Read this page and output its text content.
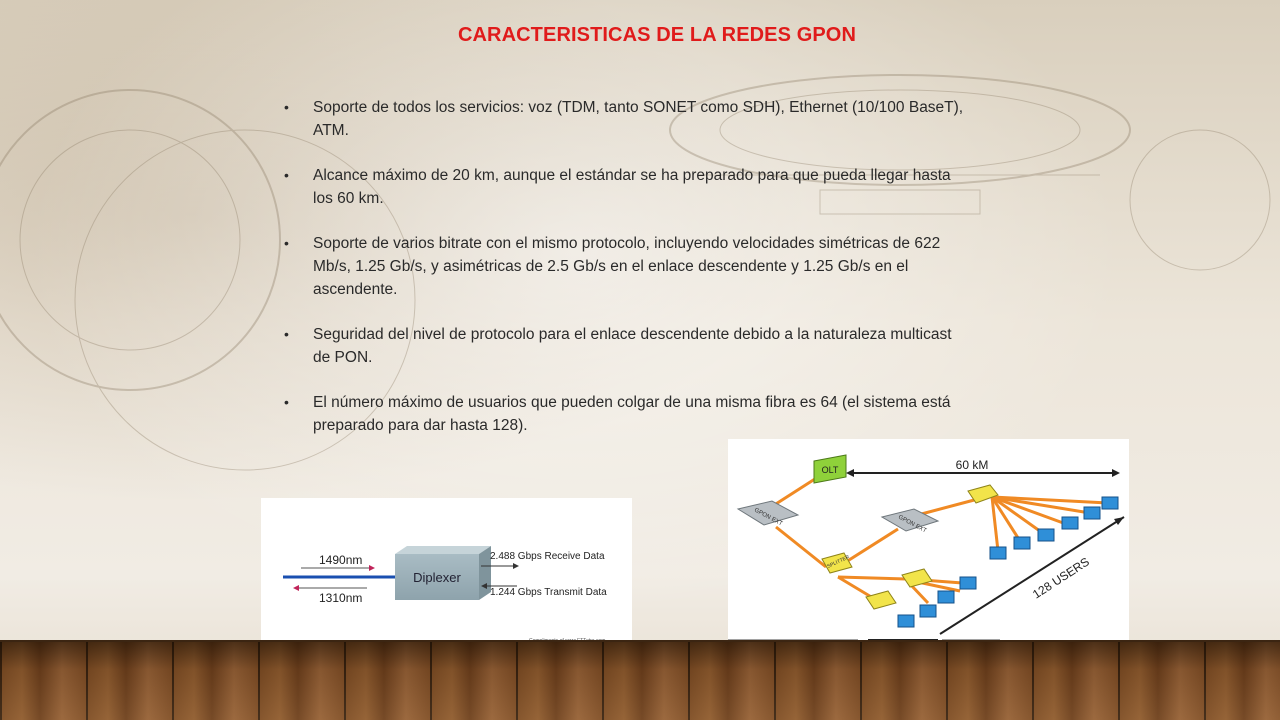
CARACTERISTICAS DE LA REDES GPON
• Soporte de todos los servicios: voz (TDM, tanto SONET como SDH), Ethernet (10/100 BaseT), ATM.
• Alcance máximo de 20 km, aunque el estándar se ha preparado para que pueda llegar hasta los 60 km.
• Soporte de varios bitrate con el mismo protocolo, incluyendo velocidades simétricas de 622 Mb/s, 1.25 Gb/s, y asimétricas de 2.5 Gb/s en el enlace descendente y 1.25 Gb/s en el ascendente.
• Seguridad del nivel de protocolo para el enlace descendente debido a la naturaleza multicast de PON.
• El número máximo de usuarios que pueden colgar de una misma fibra es 64 (el sistema está preparado para dar hasta 128).
1490nm
1310nm
Diplexer
2.488 Gbps Receive Data
1.244 Gbps Transmit Data
60 kM
128 USERS
OLT
GPON EXT	GPON EXT
SPLITTER
